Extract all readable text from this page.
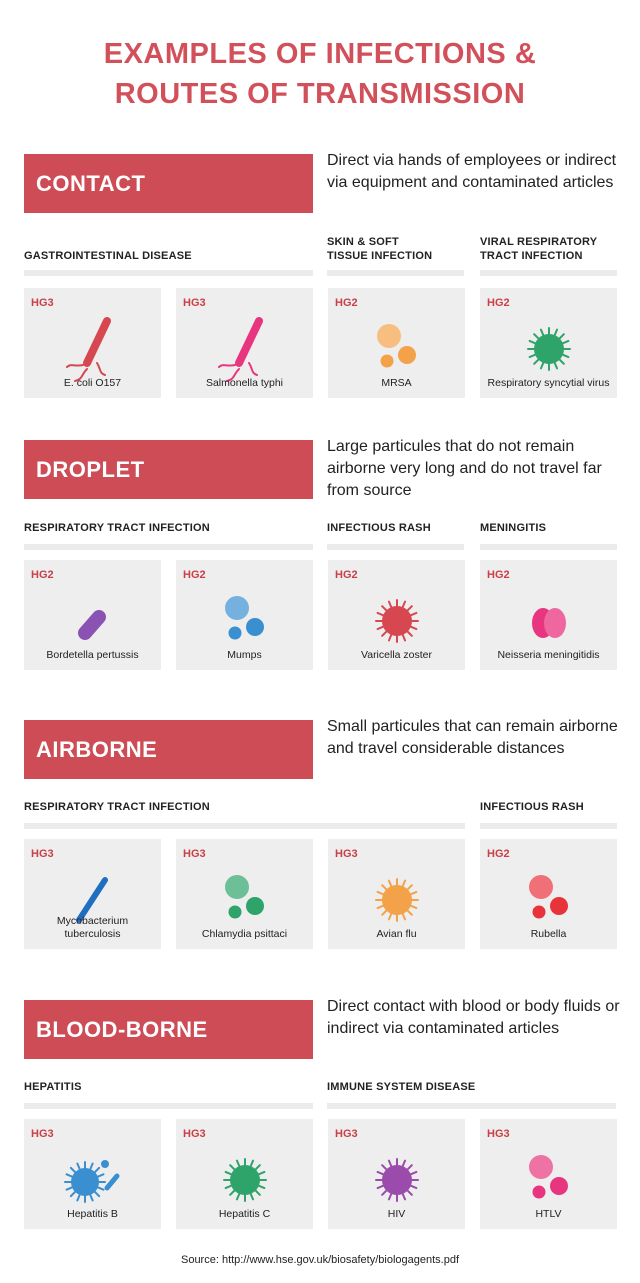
EXAMPLES OF INFECTIONS &
ROUTES OF TRANSMISSION
CONTACT
Direct via hands of employees or indirect via equipment and contaminated articles
GASTROINTESTINAL DISEASE
SKIN & SOFT
TISSUE INFECTION
VIRAL RESPIRATORY
TRACT INFECTION
HG3
E. coli O157
HG3
Salmonella typhi
HG2
MRSA
HG2
Respiratory syncytial virus
DROPLET
Large particules that do not remain airborne very long and do not travel far from source
RESPIRATORY TRACT INFECTION	INFECTIOUS RASH	MENINGITIS
HG2
Bordetella pertussis
HG2
Mumps
HG2
Varicella zoster
HG2
Neisseria meningitidis
AIRBORNE
Small particules that can remain airborne and travel considerable distances
RESPIRATORY TRACT INFECTION	INFECTIOUS RASH
HG3
Mycobacterium tuberculosis
HG3
Chlamydia psittaci
HG3
Avian flu
HG2
Rubella
BLOOD-BORNE
Direct contact with blood or body fluids or indirect via contaminated articles
HEPATITIS	IMMUNE SYSTEM DISEASE
HG3
Hepatitis B
HG3
Hepatitis C
HG3
HIV
HG3
HTLV
Source: http://www.hse.gov.uk/biosafety/biologagents.pdf
